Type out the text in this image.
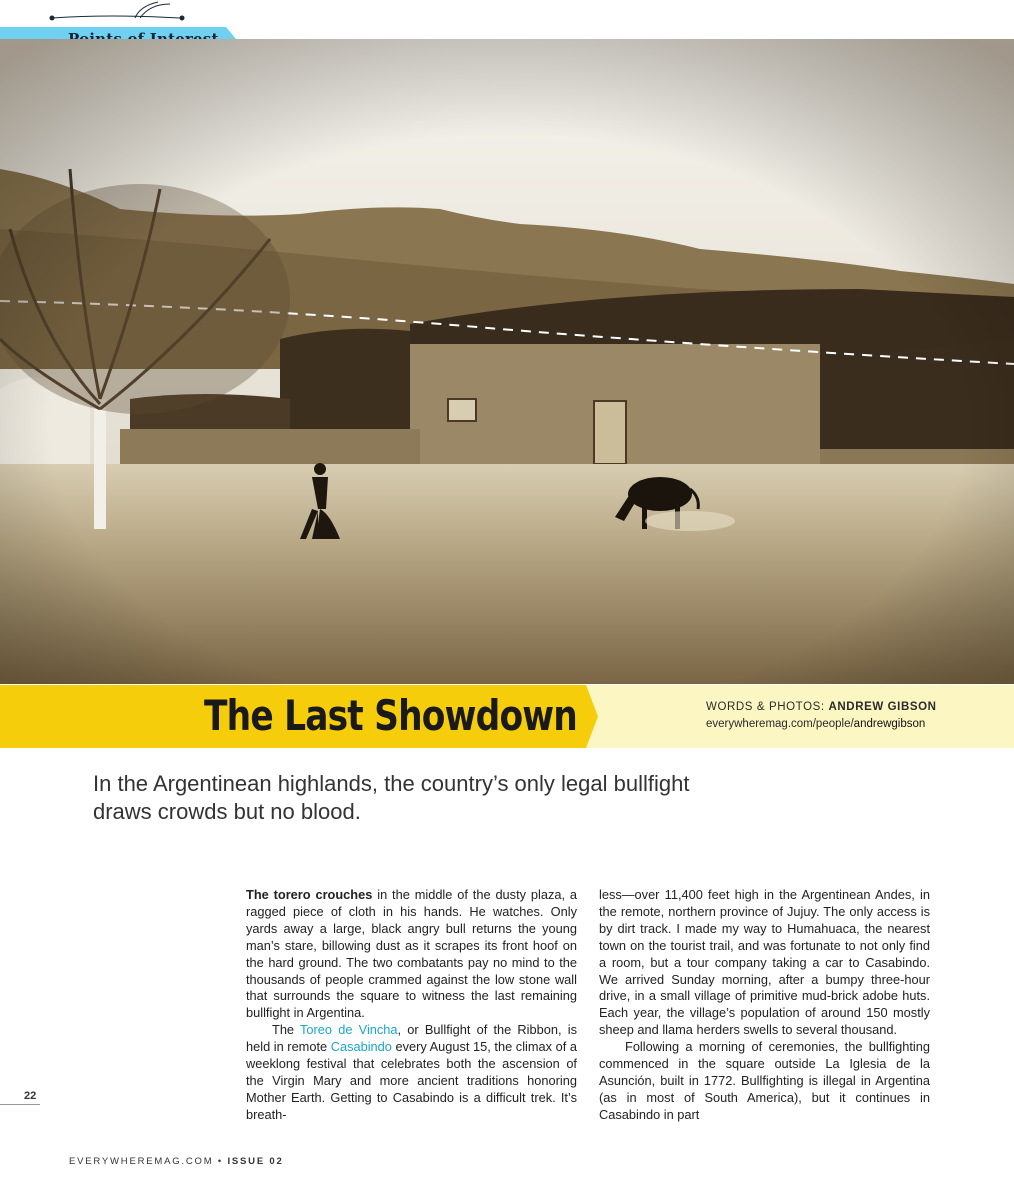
The Last Showdown	WORDS & PHOTOS: ANDREW GIBSON
everywheremag.com/people/andrewgibson
In the Argentinean highlands, the country’s only legal bullfight draws crowds but no blood.

The torero crouches in the middle of the dusty plaza, a ragged piece of cloth in his hands. He watches. Only yards away a large, black angry bull returns the young man’s stare, billowing dust as it scrapes its front hoof on the hard ground. The two combatants pay no mind to the thousands of people crammed against the low stone wall that surrounds the square to witness the last remaining bullfight in Argentina.

The Toreo de Vincha, or Bullfight of the Ribbon, is held in remote Casabindo every August 15, the climax of a weeklong festival that celebrates both the ascension of the Virgin Mary and more ancient traditions honoring Mother Earth. Getting to Casabindo is a difficult trek. It’s breath-

less—over 11,400 feet high in the Argentinean Andes, in the remote, northern province of Jujuy. The only access is by dirt track. I made my way to Humahuaca, the nearest town on the tourist trail, and was fortunate to not only find a room, but a tour company taking a car to Casabindo. We arrived Sunday morning, after a bumpy three-hour drive, in a small village of primitive mud-brick adobe huts. Each year, the village’s population of around 150 mostly sheep and llama herders swells to several thousand.

Following a morning of ceremonies, the bullfighting commenced in the square outside La Iglesia de la Asunción, built in 1772. Bullfighting is illegal in Argentina (as in most of South America), but it continues in Casabindo in part

22
EVERYWHEREMAG.COM • ISSUE 02
